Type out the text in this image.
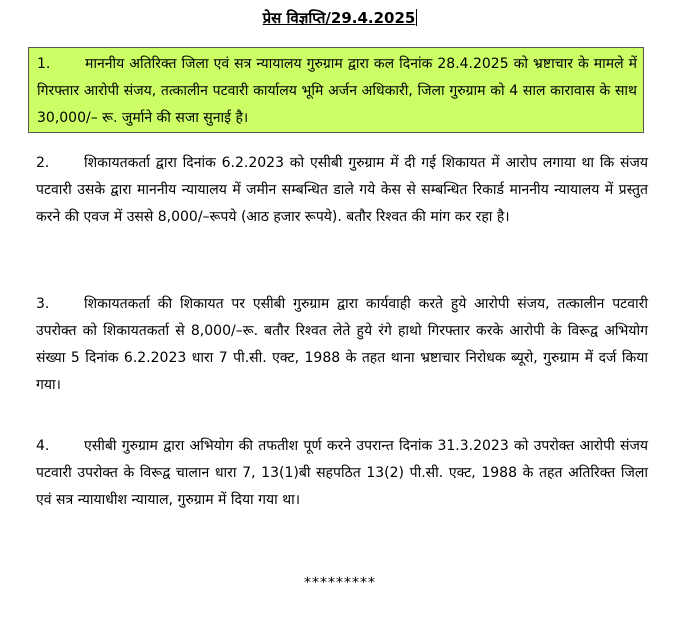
प्रेस विज्ञप्ति/29.4.2025
1. माननीय अतिरिक्त जिला एवं सत्र न्यायालय गुरुग्राम द्वारा कल दिनांक 28.4.2025 को भ्रष्टाचार के मामले में गिरफ्तार आरोपी संजय, तत्कालीन पटवारी कार्यालय भूमि अर्जन अधिकारी, जिला गुरुग्राम को 4 साल कारावास के साथ 30,000/– रू. जुर्माने की सजा सुनाई है।
2. शिकायतकर्ता द्वारा दिनांक 6.2.2023 को एसीबी गुरुग्राम में दी गई शिकायत में आरोप लगाया था कि संजय पटवारी उसके द्वारा माननीय न्यायालय में जमीन सम्बन्धित डाले गये केस से सम्बन्धित रिकार्ड माननीय न्यायालय में प्रस्तुत करने की एवज में उससे 8,000/–रूपये (आठ हजार रूपये). बतौर रिश्वत की मांग कर रहा है।
3. शिकायतकर्ता की शिकायत पर एसीबी गुरुग्राम द्वारा कार्यवाही करते हुये आरोपी संजय, तत्कालीन पटवारी उपरोक्त को शिकायतकर्ता से 8,000/–रू. बतौर रिश्वत लेते हुये रंगे हाथो गिरफ्तार करके आरोपी के विरूद्व अभियोग संख्या 5 दिनांक 6.2.2023 धारा 7 पी.सी. एक्ट, 1988 के तहत थाना भ्रष्टाचार निरोधक ब्यूरो, गुरुग्राम में दर्ज किया गया।
4. एसीबी गुरुग्राम द्वारा अभियोग की तफतीश पूर्ण करने उपरान्त दिनांक 31.3.2023 को उपरोक्त आरोपी संजय पटवारी उपरोक्त के विरूद्व चालान धारा 7, 13(1)बी सहपठित 13(2) पी.सी. एक्ट, 1988 के तहत अतिरिक्त जिला एवं सत्र न्यायाधीश न्यायाल, गुरुग्राम में दिया गया था।
*********
